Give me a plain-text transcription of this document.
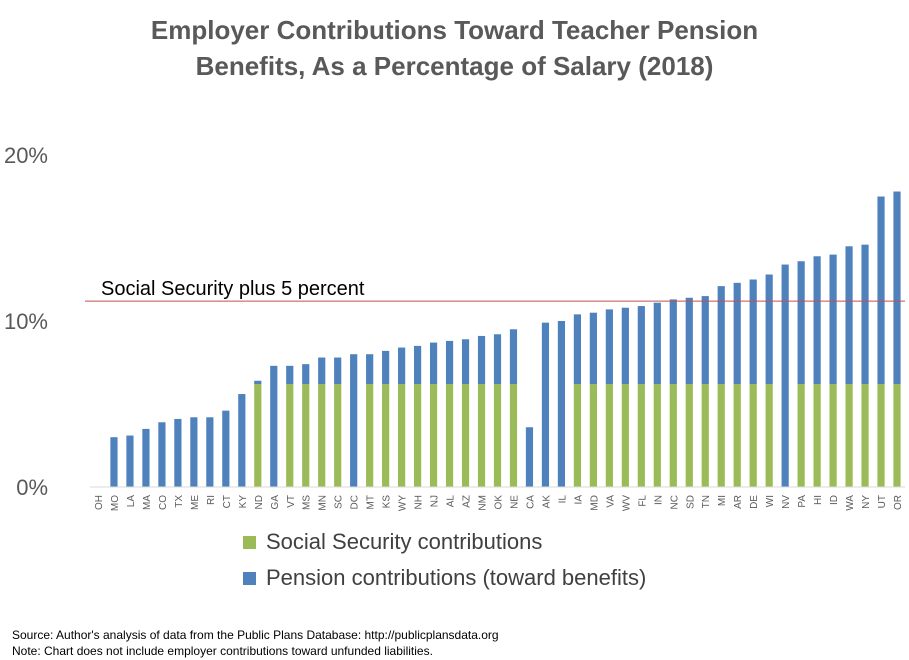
Employer Contributions Toward Teacher Pension
Benefits, As a Percentage of Salary (2018)
0%
10%
20%
OH MO LA MA CO TX ME RI CT KY ND GA VT MS MN SC DC MT KS WY NH NJ AL AZ NM OK NE CA AK IL IA MD VA WV FL IN NC SD TN MI AR DE WI NV PA HI ID WA NY UT OR
Social Security plus 5 percent
Social Security contributions
Pension contributions (toward benefits)
Source: Author's analysis of data from the Public Plans Database: http://publicplansdata.org
Note: Chart does not include employer contributions toward unfunded liabilities.
